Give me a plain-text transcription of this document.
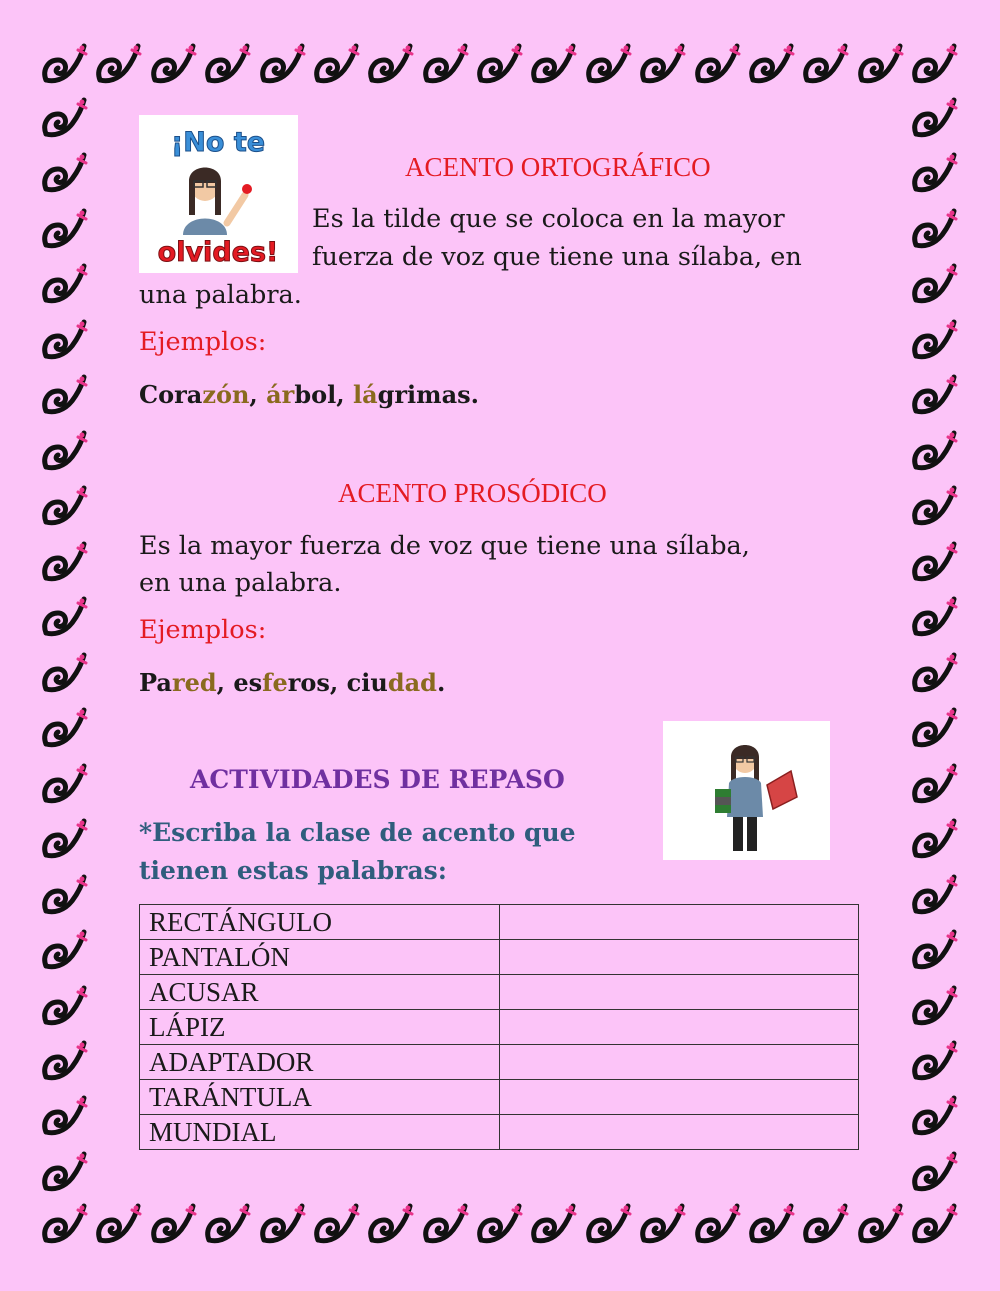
¡No te
olvides!
ACENTO ORTOGRÁFICO
Es la tilde que se coloca en la mayor
fuerza de voz que tiene una sílaba, en
una palabra.
Ejemplos:
Corazón, árbol, lágrimas.
ACENTO PROSÓDICO
Es la mayor fuerza de voz que tiene una sílaba,
en una palabra.
Ejemplos:
Pared, esferos, ciudad.
ACTIVIDADES DE REPASO
*Escriba la clase de acento que
tienen estas palabras:
RECTÁNGULO	
PANTALÓN	
ACUSAR	
LÁPIZ	
ADAPTADOR	
TARÁNTULA	
MUNDIAL	
